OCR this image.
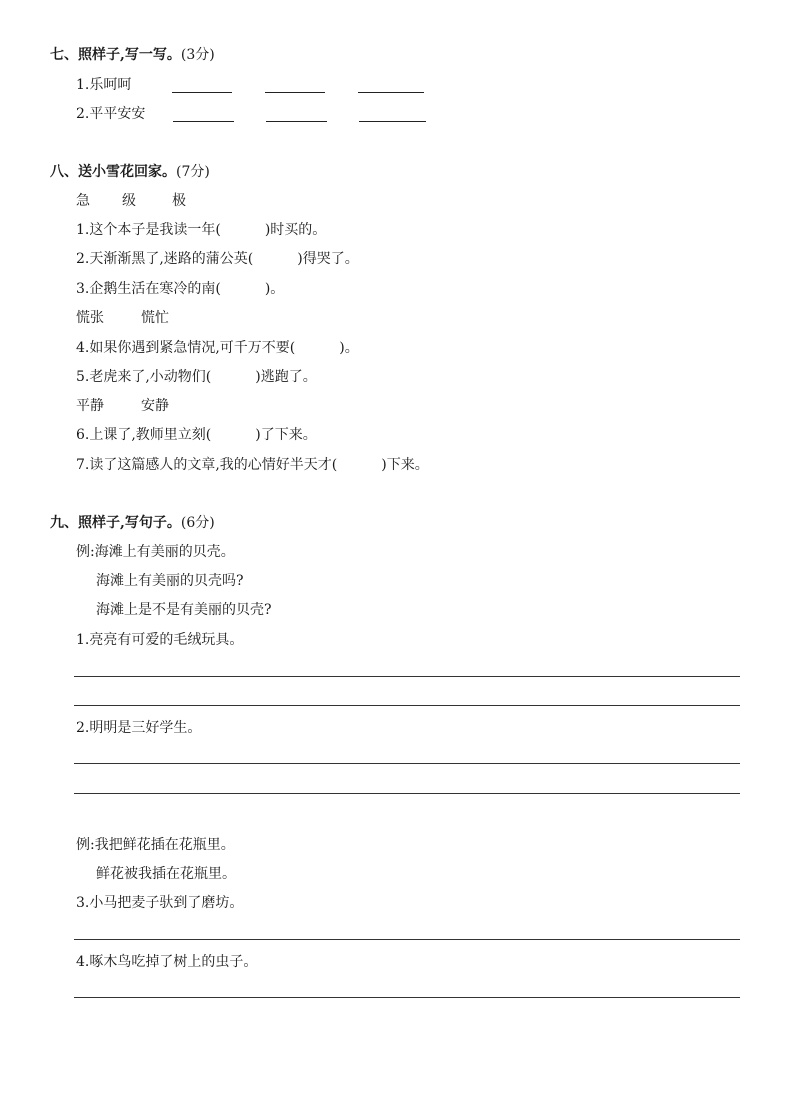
七、照样子,写一写。(3分)
1.乐呵呵
2.平平安安
八、送小雪花回家。(7分)
急 级	极
1.这个本子是我读一年(	)时买的。
2.天渐渐黑了,迷路的蒲公英(	)得哭了。
3.企鹅生活在寒冷的南(	)。
慌张	慌忙
4.如果你遇到紧急情况,可千万不要(	)。
5.老虎来了,小动物们(	)逃跑了。
平静	安静
6.上课了,教师里立刻(	)了下来。
7.读了这篇感人的文章,我的心情好半天才(	)下来。
九、照样子,写句子。(6分)
例:海滩上有美丽的贝壳。
海滩上有美丽的贝壳吗?
海滩上是不是有美丽的贝壳?
1.亮亮有可爱的毛绒玩具。
2.明明是三好学生。
例:我把鲜花插在花瓶里。
鲜花被我插在花瓶里。
3.小马把麦子驮到了磨坊。
4.啄木鸟吃掉了树上的虫子。
